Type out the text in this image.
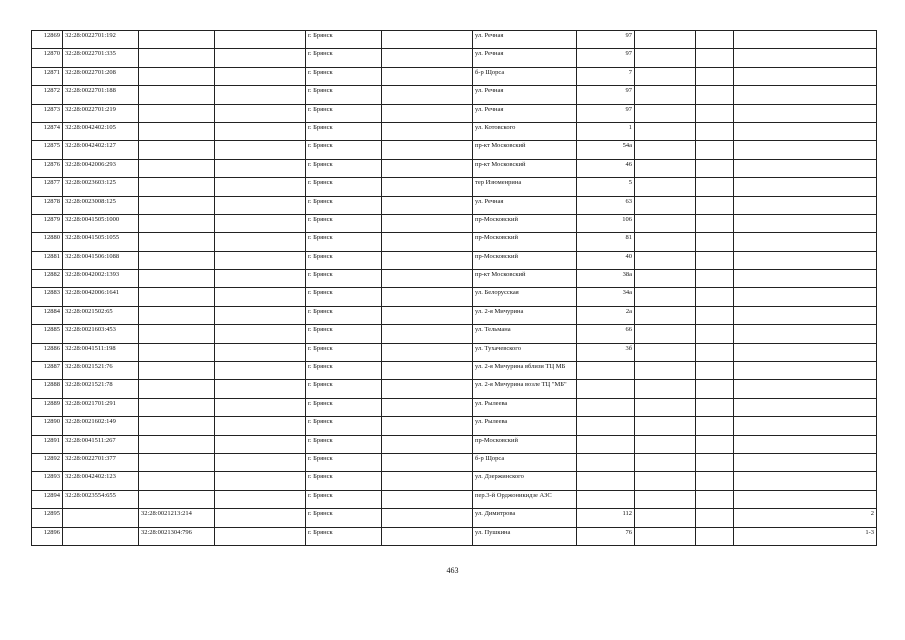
12869	32:28:0022701:192			г. Брянск		ул. Речная	97			
12870	32:28:0022701:335			г. Брянск		ул. Речная	97			
12871	32:28:0022701:208			г. Брянск		б-р Щорса	7			
12872	32:28:0022701:188			г. Брянск		ул. Речная	97			
12873	32:28:0022701:219			г. Брянск		ул. Речная	97			
12874	32:28:0042402:105			г. Брянск		ул. Котовского	1			
12875	32:28:0042402:127			г. Брянск		пр-кт Московский	54а			
12876	32:28:0042006:293			г. Брянск		пр-кт Московский	46			
12877	32:28:0023603:125			г. Брянск		тер Изюменрина	5			
12878	32:28:0023008:125			г. Брянск		ул. Речная	63			
12879	32:28:0041505:1000			г. Брянск		пр-Московский	106			
12880	32:28:0041505:1055			г. Брянск		пр-Московский	81			
12881	32:28:0041506:1088			г. Брянск		пр-Московский	40			
12882	32:28:0042002:1393			г. Брянск		пр-кт Московский	38а			
12883	32:28:0042006:1641			г. Брянск		ул. Белорусская	34а			
12884	32:28:0021502:65			г. Брянск		ул. 2-я Мичурина	2а			
12885	32:28:0021603:453			г. Брянск		ул. Тельмана	66			
12886	32:28:0041511:198			г. Брянск		ул. Тухачевского	3б			
12887	32:28:0021521:76			г. Брянск		ул. 2-я Мичурина вблизи ТЦ МБ				
12888	32:28:0021521:78			г. Брянск		ул. 2-я Мичурина возле ТЦ "МБ"				
12889	32:28:0021701:291			г. Брянск		ул. Рылеева				
12890	32:28:0021602:149			г. Брянск		ул. Рылеева				
12891	32:28:0041511:267			г. Брянск		пр-Московский				
12892	32:28:0022701:377			г. Брянск		б-р Щорса				
12893	32:28:0042402:123			г. Брянск		ул. Дзержинского				
12894	32:28:0023554:655			г. Брянск		пер.3-й Орджоникидзе АЗС				
12895		32:28:0021213:214		г. Брянск		ул. Димитрова	112			2
12896		32:28:0021304:796		г. Брянск		ул. Пушкина	76			1-3
463
